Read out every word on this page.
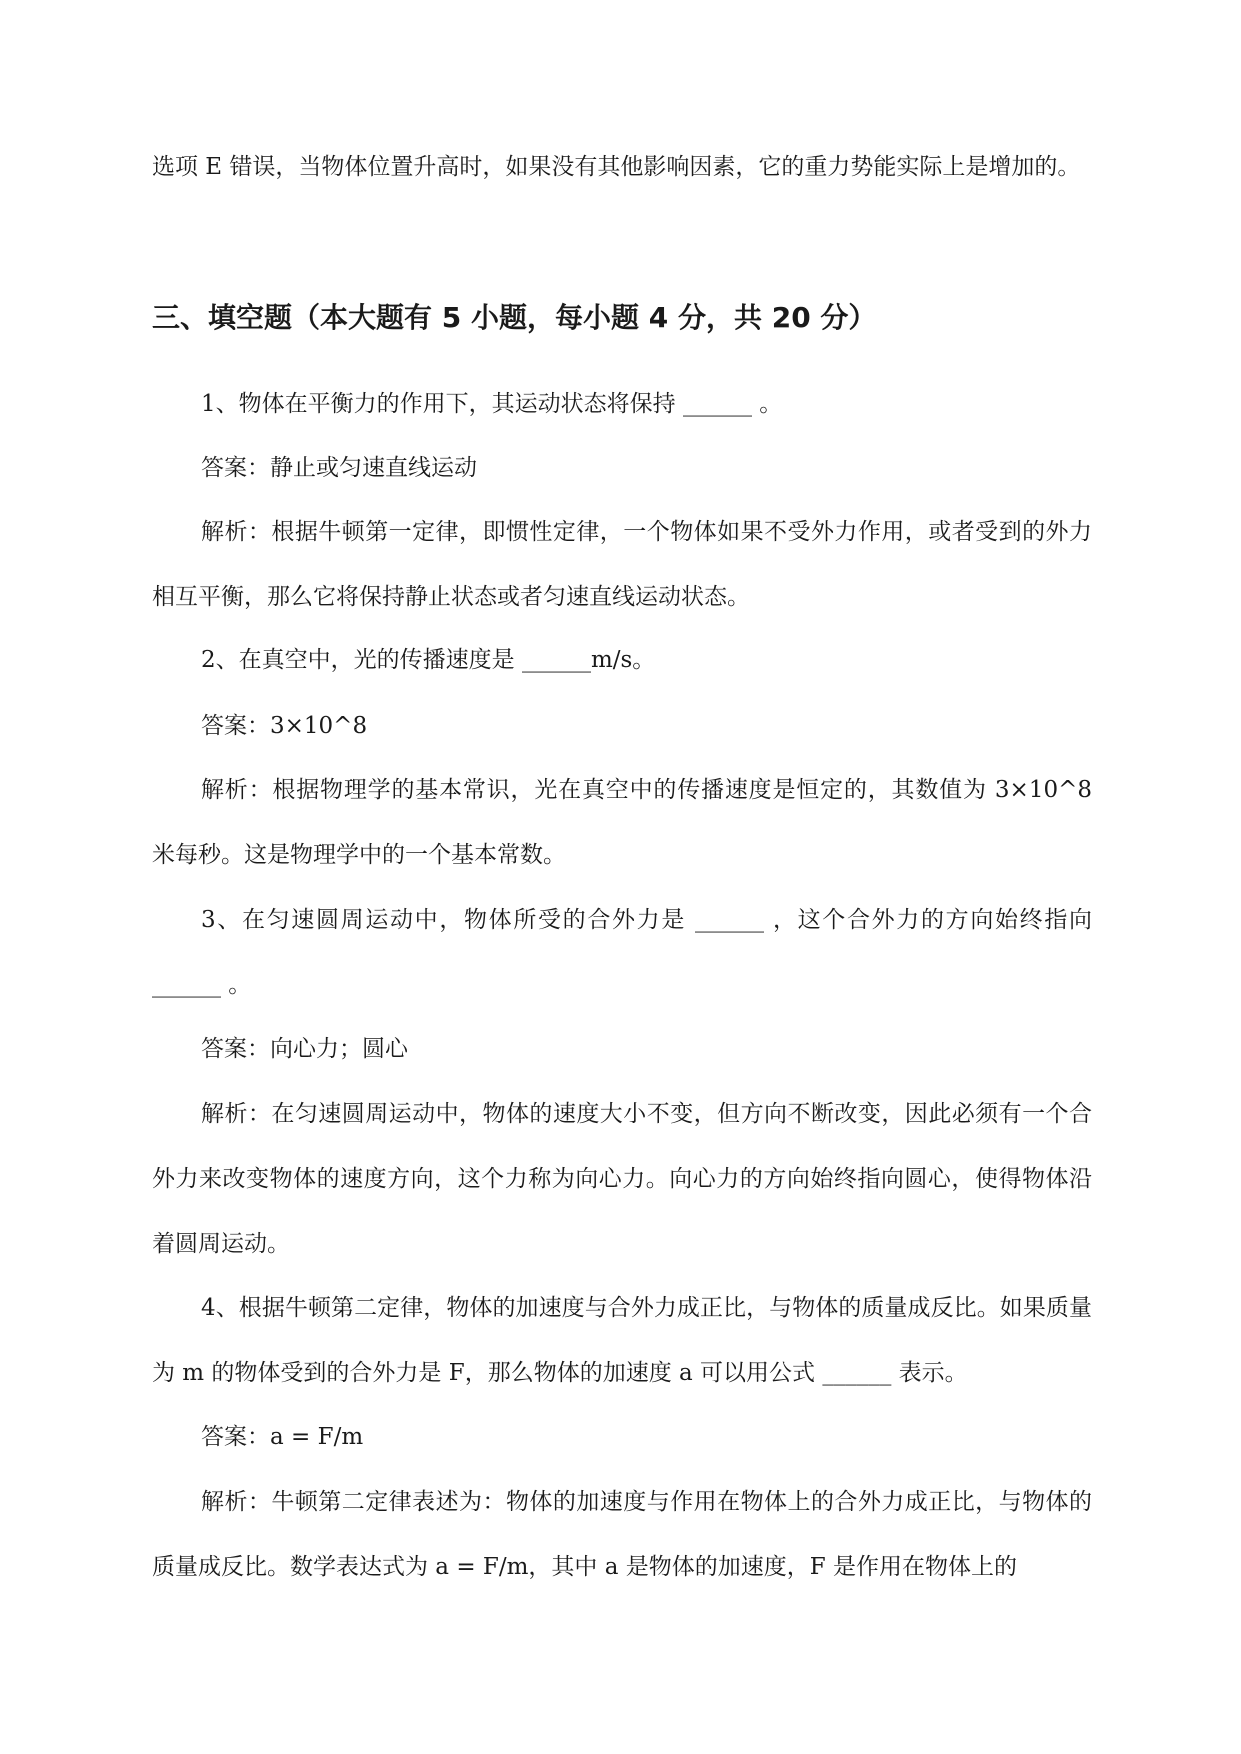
选项 E 错误，当物体位置升高时，如果没有其他影响因素，它的重力势能实际上是增加的。

三、填空题（本大题有 5 小题，每小题 4 分，共 20 分）

1、物体在平衡力的作用下，其运动状态将保持 ______ 。

答案：静止或匀速直线运动

解析：根据牛顿第一定律，即惯性定律，一个物体如果不受外力作用，或者受到的外力相互平衡，那么它将保持静止状态或者匀速直线运动状态。

2、在真空中，光的传播速度是 ______m/s。

答案：3×10^8

解析：根据物理学的基本常识，光在真空中的传播速度是恒定的，其数值为 3×10^8 米每秒。这是物理学中的一个基本常数。

3、在匀速圆周运动中，物体所受的合外力是 ______ ，这个合外力的方向始终指向 ______ 。

答案：向心力；圆心

解析：在匀速圆周运动中，物体的速度大小不变，但方向不断改变，因此必须有一个合外力来改变物体的速度方向，这个力称为向心力。向心力的方向始终指向圆心，使得物体沿着圆周运动。

4、根据牛顿第二定律，物体的加速度与合外力成正比，与物体的质量成反比。如果质量为 m 的物体受到的合外力是 F，那么物体的加速度 a 可以用公式 ______ 表示。

答案：a = F/m

解析：牛顿第二定律表述为：物体的加速度与作用在物体上的合外力成正比，与物体的质量成反比。数学表达式为 a = F/m，其中 a 是物体的加速度，F 是作用在物体上的
